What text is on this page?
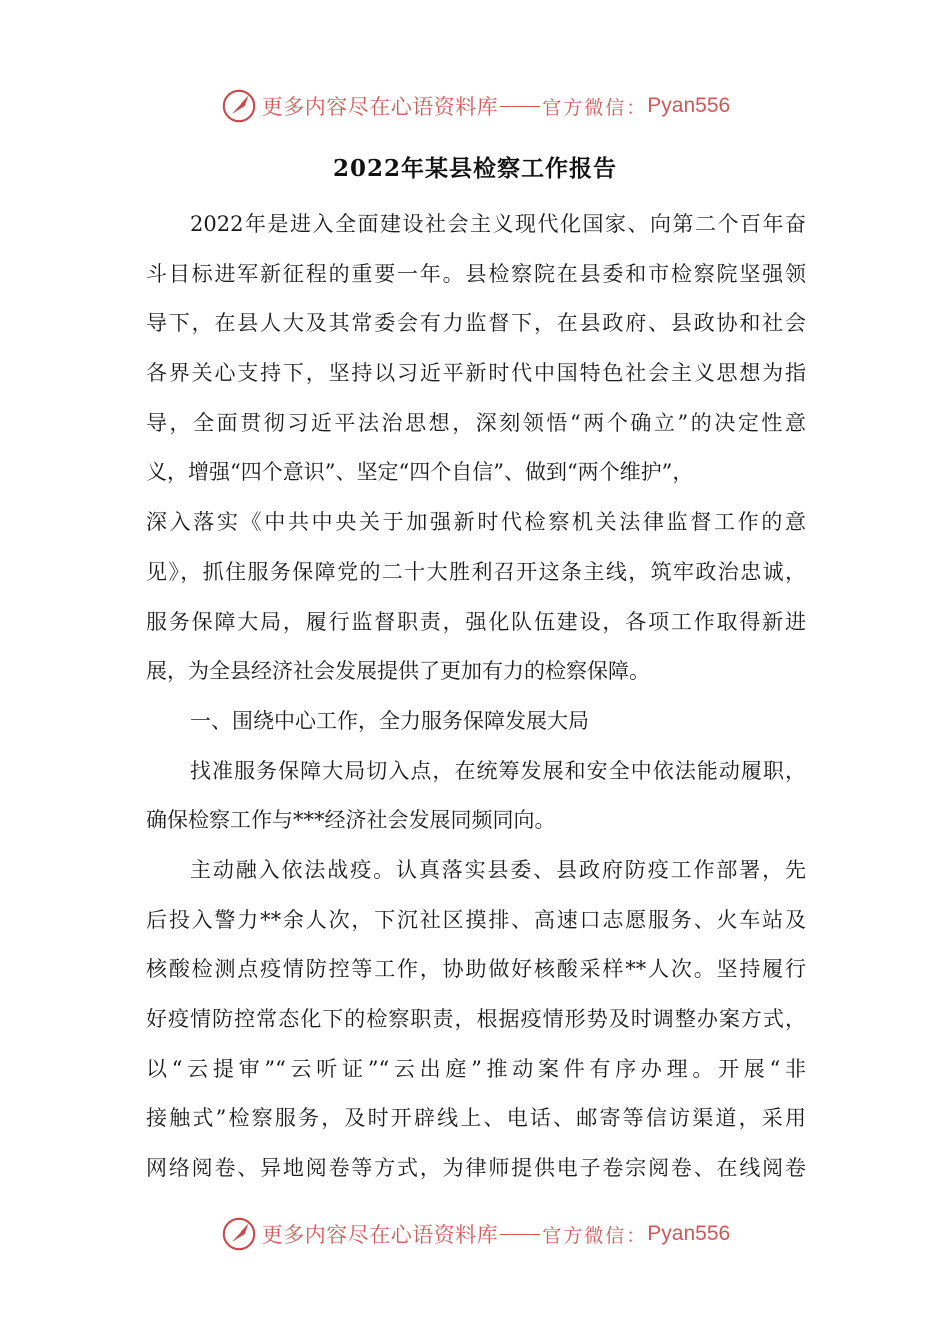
更多内容尽在心语资料库 官方微信： Pyan556
2022年某县检察工作报告
2022年是进入全面建设社会主义现代化国家、向第二个百年奋
斗目标进军新征程的重要一年。县检察院在县委和市检察院坚强领
导下，在县人大及其常委会有力监督下，在县政府、县政协和社会
各界关心支持下，坚持以习近平新时代中国特色社会主义思想为指
导，全面贯彻习近平法治思想，深刻领悟“两个确立”的决定性意
义，增强“四个意识”、坚定“四个自信”、做到“两个维护”，
深入落实《中共中央关于加强新时代检察机关法律监督工作的意
见》，抓住服务保障党的二十大胜利召开这条主线，筑牢政治忠诚，
服务保障大局，履行监督职责，强化队伍建设，各项工作取得新进
展，为全县经济社会发展提供了更加有力的检察保障。
一、围绕中心工作，全力服务保障发展大局
找准服务保障大局切入点，在统筹发展和安全中依法能动履职，
确保检察工作与***经济社会发展同频同向。
主动融入依法战疫。认真落实县委、县政府防疫工作部署，先
后投入警力**余人次，下沉社区摸排、高速口志愿服务、火车站及
核酸检测点疫情防控等工作，协助做好核酸采样**人次。坚持履行
好疫情防控常态化下的检察职责，根据疫情形势及时调整办案方式，
以“云提审”“云听证”“云出庭”推动案件有序办理。开展“非
接触式”检察服务，及时开辟线上、电话、邮寄等信访渠道，采用
网络阅卷、异地阅卷等方式，为律师提供电子卷宗阅卷、在线阅卷
更多内容尽在心语资料库 官方微信： Pyan556
